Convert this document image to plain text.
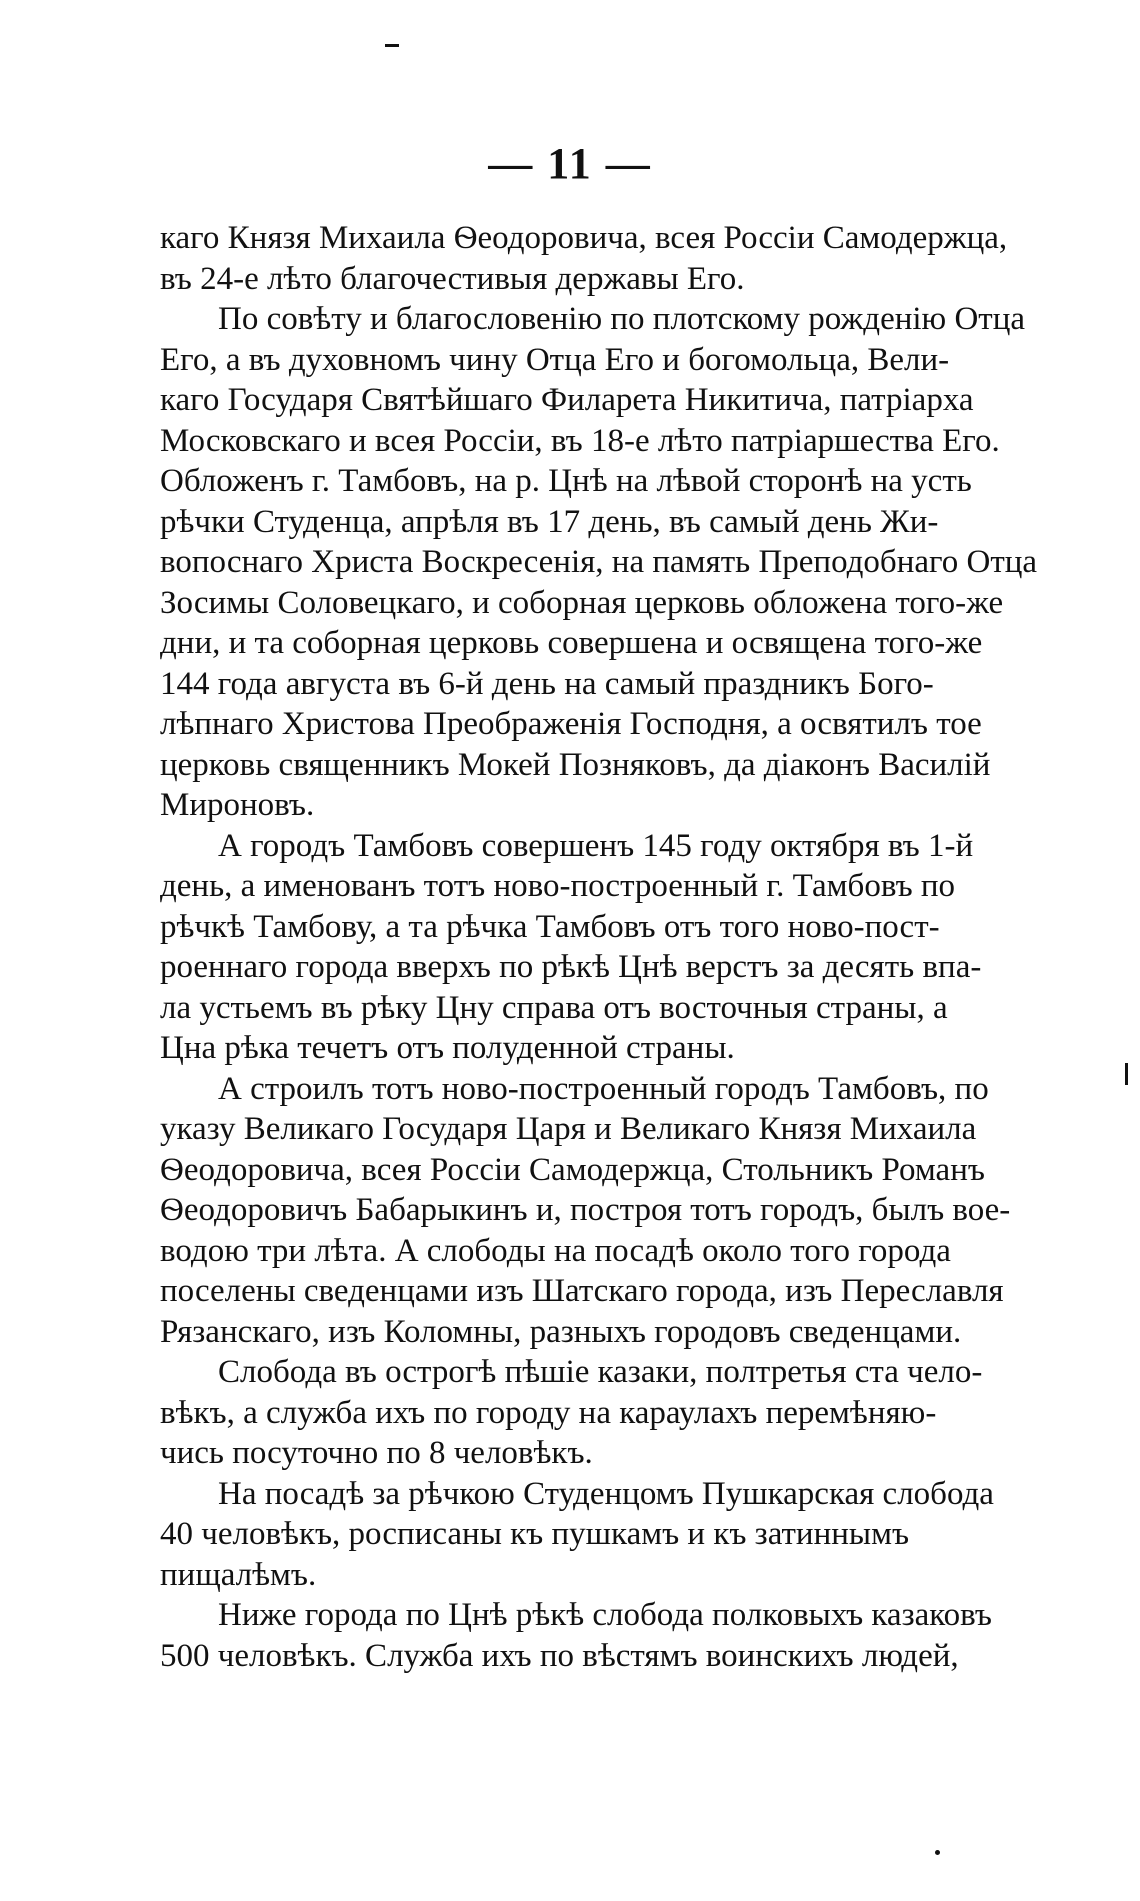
— 11 —
каго Князя Михаила Ѳеодоровича, всея Россіи Самодержца,
въ 24-е лѣто благочестивыя державы Его.
По совѣту и благословенію по плотскому рожденію Отца
Его, а въ духовномъ чину Отца Его и богомольца, Вели-
каго Государя Святѣйшаго Филарета Никитича, патріарха
Московскаго и всея Россіи, въ 18-е лѣто патріаршества Его.
Обложенъ г. Тамбовъ, на р. Цнѣ на лѣвой сторонѣ на усть
рѣчки Студенца, апрѣля въ 17 день, въ самый день Жи-
вопоснаго Христа Воскресенія, на память Преподобнаго Отца
Зосимы Соловецкаго, и соборная церковь обложена того-же
дни, и та соборная церковь совершена и освящена того-же
144 года августа въ 6-й день на самый праздникъ Бого-
лѣпнаго Христова Преображенія Господня, а освятилъ тое
церковь священникъ Мокей Позняковъ, да діаконъ Василій
Мироновъ.
А городъ Тамбовъ совершенъ 145 году октября въ 1-й
день, а именованъ тотъ ново-построенный г. Тамбовъ по
рѣчкѣ Тамбову, а та рѣчка Тамбовъ отъ того ново-пост-
роеннаго города вверхъ по рѣкѣ Цнѣ верстъ за десять впа-
ла устьемъ въ рѣку Цну справа отъ восточныя страны, а
Цна рѣка течетъ отъ полуденной страны.
А строилъ тотъ ново-построенный городъ Тамбовъ, по
указу Великаго Государя Царя и Великаго Князя Михаила
Ѳеодоровича, всея Россіи Самодержца, Стольникъ Романъ
Ѳеодоровичъ Бабарыкинъ и, построя тотъ городъ, былъ вое-
водою три лѣта. А слободы на посадѣ около того города
поселены сведенцами изъ Шатскаго города, изъ Переславля
Рязанскаго, изъ Коломны, разныхъ городовъ сведенцами.
Слобода въ острогѣ пѣшіе казаки, полтретья ста чело-
вѣкъ, а служба ихъ по городу на караулахъ перемѣняю-
чись посуточно по 8 человѣкъ.
На посадѣ за рѣчкою Студенцомъ Пушкарская слобода
40 человѣкъ, росписаны къ пушкамъ и къ затиннымъ
пищалѣмъ.
Ниже города по Цнѣ рѣкѣ слобода полковыхъ казаковъ
500 человѣкъ. Служба ихъ по вѣстямъ воинскихъ людей,
